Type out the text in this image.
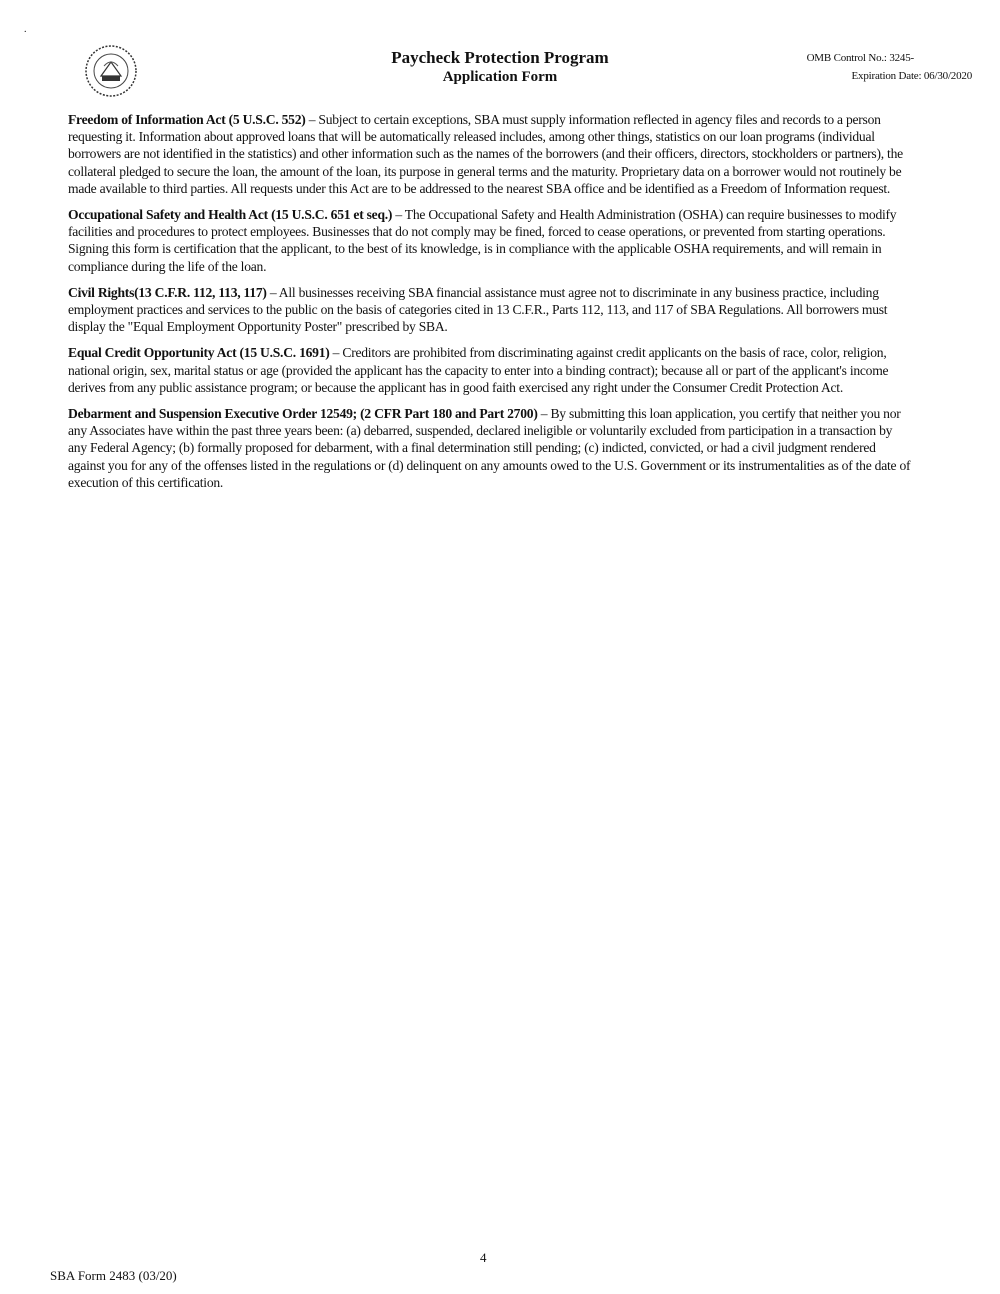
.
Paycheck Protection Program
Application Form
OMB Control No.: 3245-
Expiration Date: 06/30/2020

Freedom of Information Act (5 U.S.C. 552) – Subject to certain exceptions, SBA must supply information reflected in agency files and records to a person requesting it. Information about approved loans that will be automatically released includes, among other things, statistics on our loan programs (individual borrowers are not identified in the statistics) and other information such as the names of the borrowers (and their officers, directors, stockholders or partners), the collateral pledged to secure the loan, the amount of the loan, its purpose in general terms and the maturity. Proprietary data on a borrower would not routinely be made available to third parties. All requests under this Act are to be addressed to the nearest SBA office and be identified as a Freedom of Information request.

Occupational Safety and Health Act (15 U.S.C. 651 et seq.) – The Occupational Safety and Health Administration (OSHA) can require businesses to modify facilities and procedures to protect employees. Businesses that do not comply may be fined, forced to cease operations, or prevented from starting operations. Signing this form is certification that the applicant, to the best of its knowledge, is in compliance with the applicable OSHA requirements, and will remain in compliance during the life of the loan.

Civil Rights(13 C.F.R. 112, 113, 117) – All businesses receiving SBA financial assistance must agree not to discriminate in any business practice, including employment practices and services to the public on the basis of categories cited in 13 C.F.R., Parts 112, 113, and 117 of SBA Regulations. All borrowers must display the "Equal Employment Opportunity Poster" prescribed by SBA.

Equal Credit Opportunity Act (15 U.S.C. 1691) – Creditors are prohibited from discriminating against credit applicants on the basis of race, color, religion, national origin, sex, marital status or age (provided the applicant has the capacity to enter into a binding contract); because all or part of the applicant's income derives from any public assistance program; or because the applicant has in good faith exercised any right under the Consumer Credit Protection Act.

Debarment and Suspension Executive Order 12549; (2 CFR Part 180 and Part 2700) – By submitting this loan application, you certify that neither you nor any Associates have within the past three years been: (a) debarred, suspended, declared ineligible or voluntarily excluded from participation in a transaction by any Federal Agency; (b) formally proposed for debarment, with a final determination still pending; (c) indicted, convicted, or had a civil judgment rendered against you for any of the offenses listed in the regulations or (d) delinquent on any amounts owed to the U.S. Government or its instrumentalities as of the date of execution of this certification.

4
SBA Form 2483 (03/20)
